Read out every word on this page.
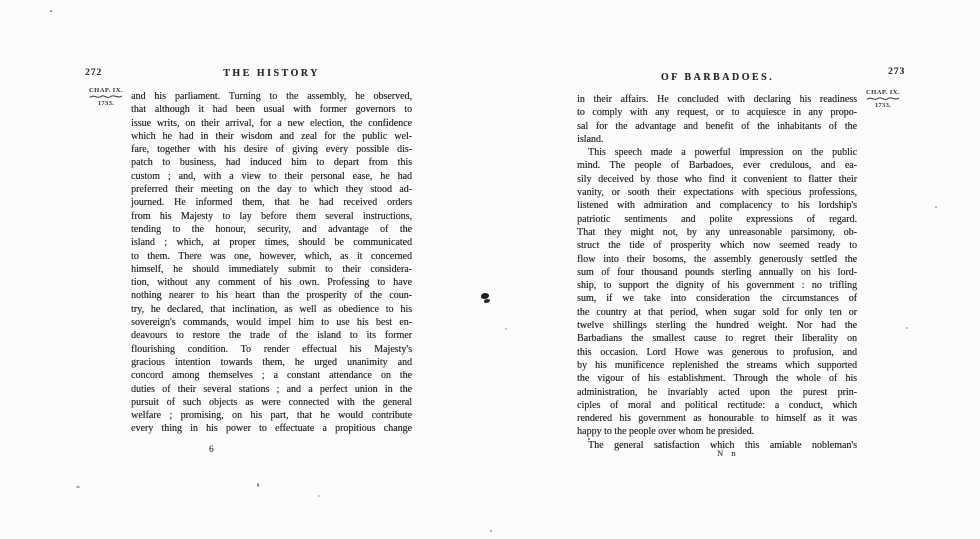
272	THE HISTORY
CHAP. IX.
1733.
and his parliament. Turning to the assembly, he observed,
that although it had been usual with former governors to
issue writs, on their arrival, for a new election, the confidence
which he had in their wisdom and zeal for the public wel-
fare, together with his desire of giving every possible dis-
patch to business, had induced him to depart from this
custom ; and, with a view to their personal ease, he had
preferred their meeting on the day to which they stood ad-
journed. He informed them, that he had received orders
from his Majesty to lay before them several instructions,
tending to the honour, security, and advantage of the
island ; which, at proper times, should be communicated
to them. There was one, however, which, as it concerned
himself, he should immediately submit to their considera-
tion, without any comment of his own. Professing to have
nothing nearer to his heart than the prosperity of the coun-
try, he declared, that inclination, as well as obedience to his
sovereign's commands, would impel him to use his best en-
deavours to restore the trade of the island to its former
flourishing condition. To render effectual his Majesty's
gracious intention towards them, he urged unanimity and
concord among themselves ; a constant attendance on the
duties of their several stations ; and a perfect union in the
pursuit of such objects as were connected with the general
welfare ; promising, on his part, that he would contribute
every thing in his power to effectuate a propitious change
6
OF BARBADOES.	273
CHAP. IX.
1733.
in their affairs. He concluded with declaring his readiness
to comply with any request, or to acquiesce in any propo-
sal for the advantage and benefit of the inhabitants of the
island.
This speech made a powerful impression on the public
mind. The people of Barbadoes, ever credulous, and ea-
sily deceived by those who find it convenient to flatter their
vanity, or sooth their expectations with specious professions,
listened with admiration and complacency to his lordship's
patriotic sentiments and polite expressions of regard.
That they might not, by any unreasonable parsimony, ob-
struct the tide of prosperity which now seemed ready to
flow into their bosoms, the assembly generously settled the
sum of four thousand pounds sterling annually on his lord-
ship, to support the dignity of his government : no trifling
sum, if we take into consideration the circumstances of
the country at that period, when sugar sold for only ten or
twelve shillings sterling the hundred weight. Nor had the
Barbadians the smallest cause to regret their liberality on
this occasion. Lord Howe was generous to profusion, and
by his munificence replenished the streams which supported
the vigour of his establishment. Through the whole of his
administration, he invariably acted upon the purest prin-
ciples of moral and political rectitude: a conduct, which
rendered his government as honourable to himself as it was
happy to the people over whom he presided.
The general satisfaction which this amiable nobleman's
N n
